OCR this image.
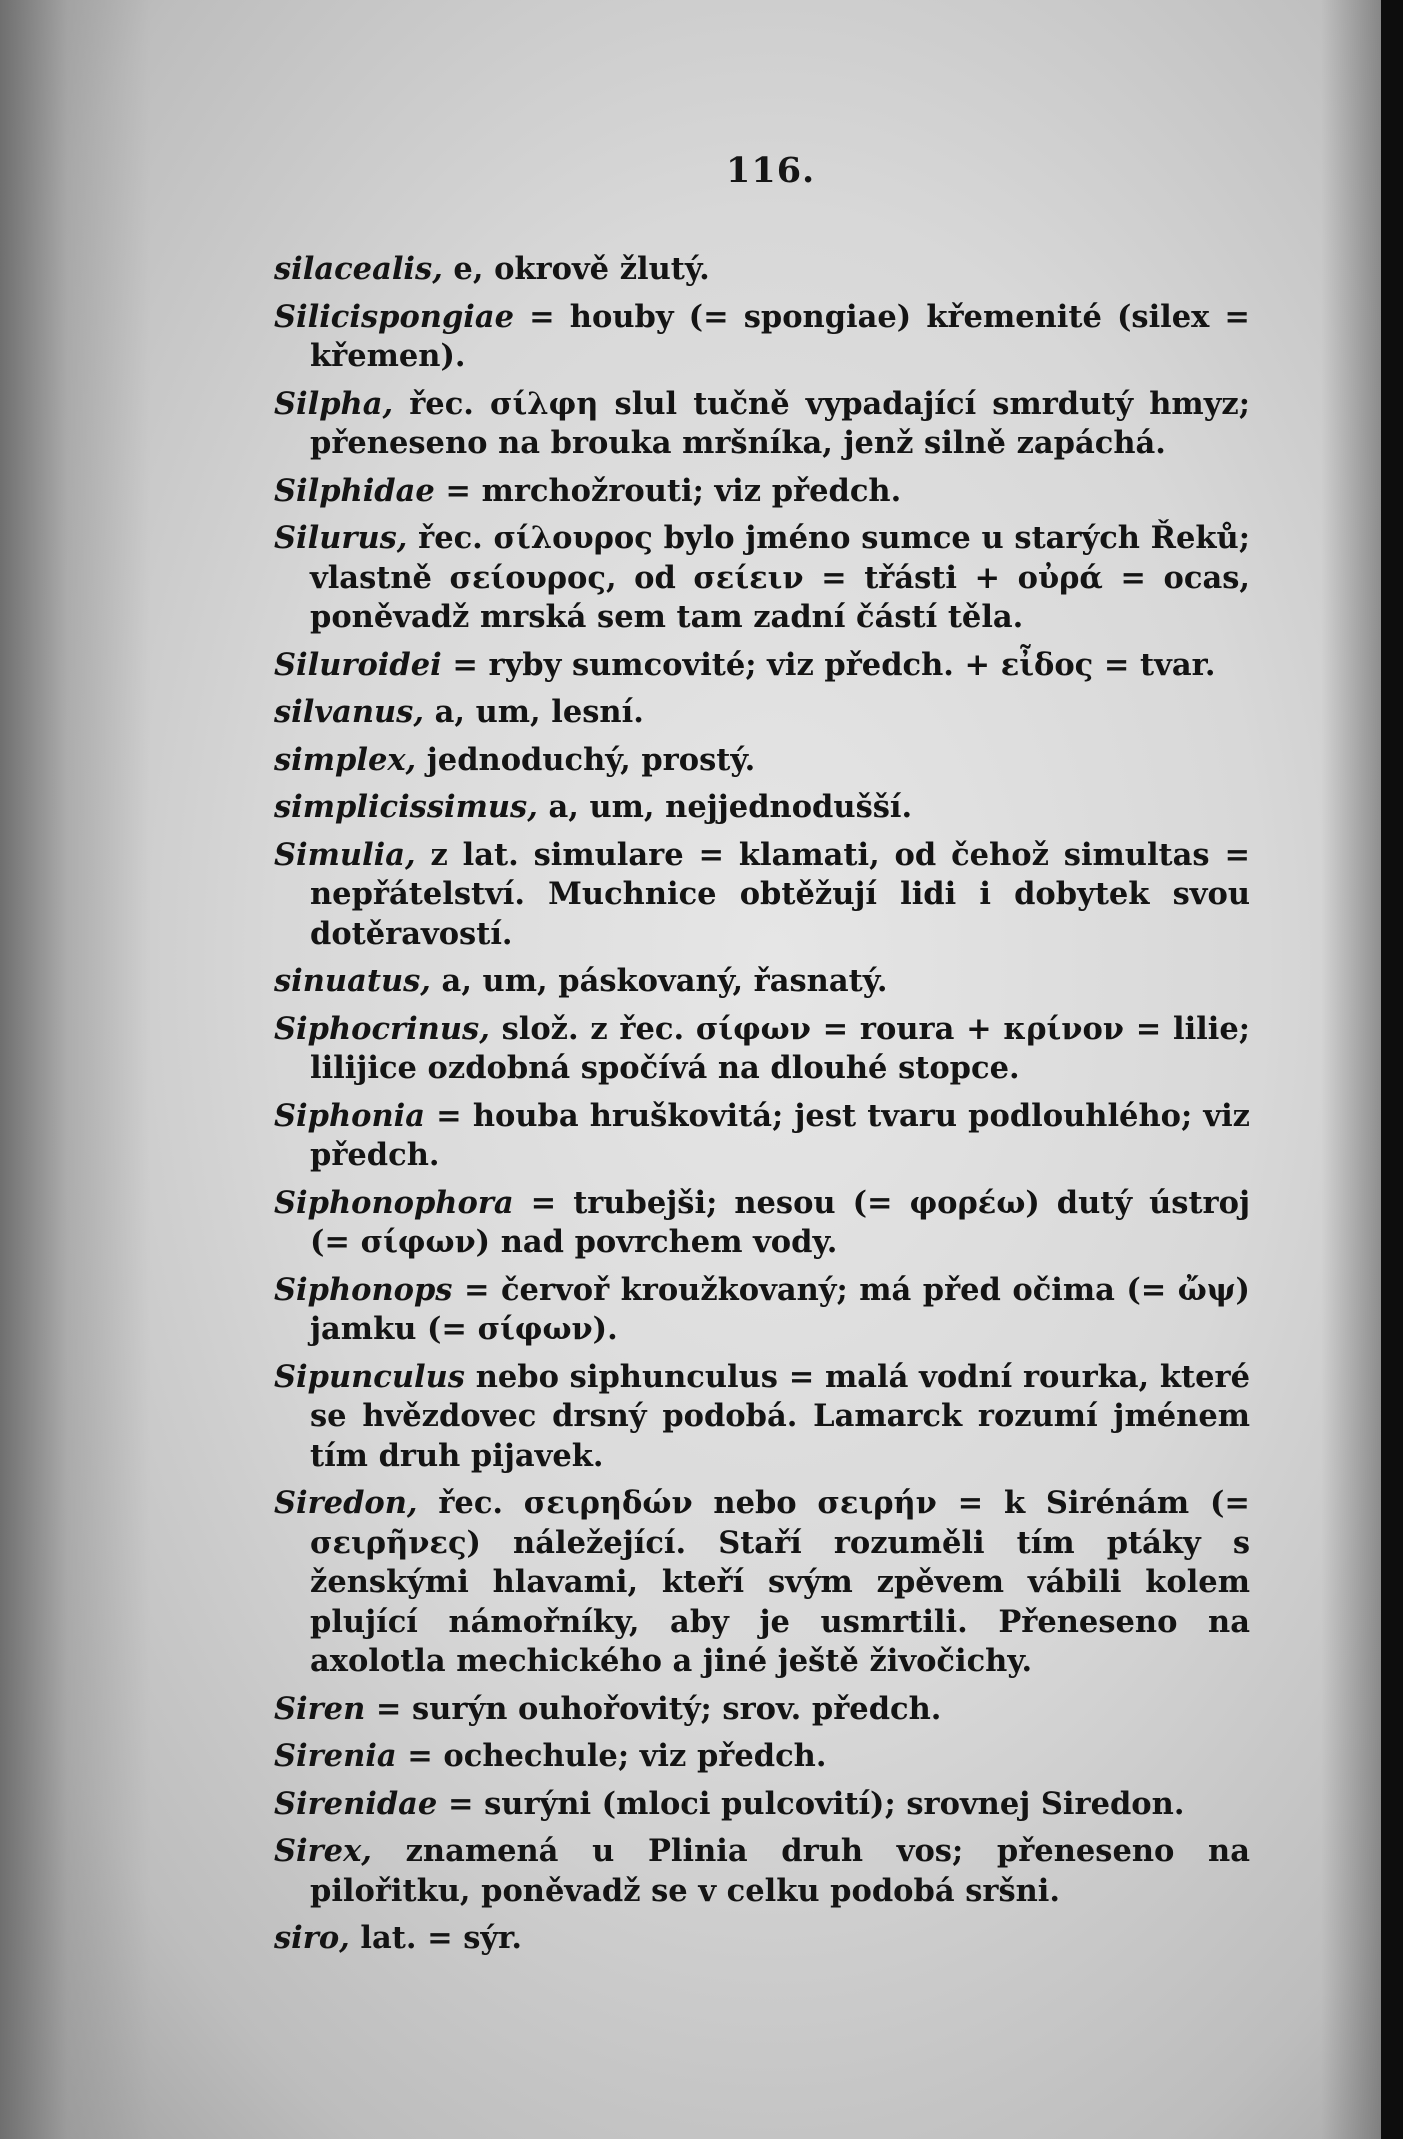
116.
silacealis, e, okrově žlutý.
Silicispongiae = houby (= spongiae) křemenité (silex = křemen).
Silpha, řec. σίλφη slul tučně vypadající smrdutý hmyz; přeneseno na brouka mršníka, jenž silně zapáchá.
Silphidae = mrchožrouti; viz předch.
Silurus, řec. σίλουρος bylo jméno sumce u starých Řeků; vlastně σείουρος, od σείειν = třásti + οὐρά = ocas, poněvadž mrská sem tam zadní částí těla.
Siluroidei = ryby sumcovité; viz předch. + εἶδος = tvar.
silvanus, a, um, lesní.
simplex, jednoduchý, prostý.
simplicissimus, a, um, nejjednodušší.
Simulia, z lat. simulare = klamati, od čehož simultas = nepřátelství. Muchnice obtěžují lidi i dobytek svou dotěravostí.
sinuatus, a, um, páskovaný, řasnatý.
Siphocrinus, slož. z řec. σίφων = roura + κρίνον = lilie; lilijice ozdobná spočívá na dlouhé stopce.
Siphonia = houba hruškovitá; jest tvaru podlouhlého; viz předch.
Siphonophora = trubejši; nesou (= φορέω) dutý ústroj (= σίφων) nad povrchem vody.
Siphonops = červoř kroužkovaný; má před očima (= ὤψ) jamku (= σίφων).
Sipunculus nebo siphunculus = malá vodní rourka, které se hvězdovec drsný podobá. Lamarck rozumí jménem tím druh pijavek.
Siredon, řec. σειρηδών nebo σειρήν = k Sirénám (= σειρῆνες) náležející. Staří rozuměli tím ptáky s ženskými hlavami, kteří svým zpěvem vábili kolem plující námořníky, aby je usmrtili. Přeneseno na axolotla mechického a jiné ještě živočichy.
Siren = surýn ouhořovitý; srov. předch.
Sirenia = ochechule; viz předch.
Sirenidae = surýni (mloci pulcovití); srovnej Siredon.
Sirex, znamená u Plinia druh vos; přeneseno na pilořitku, poněvadž se v celku podobá sršni.
siro, lat. = sýr.
